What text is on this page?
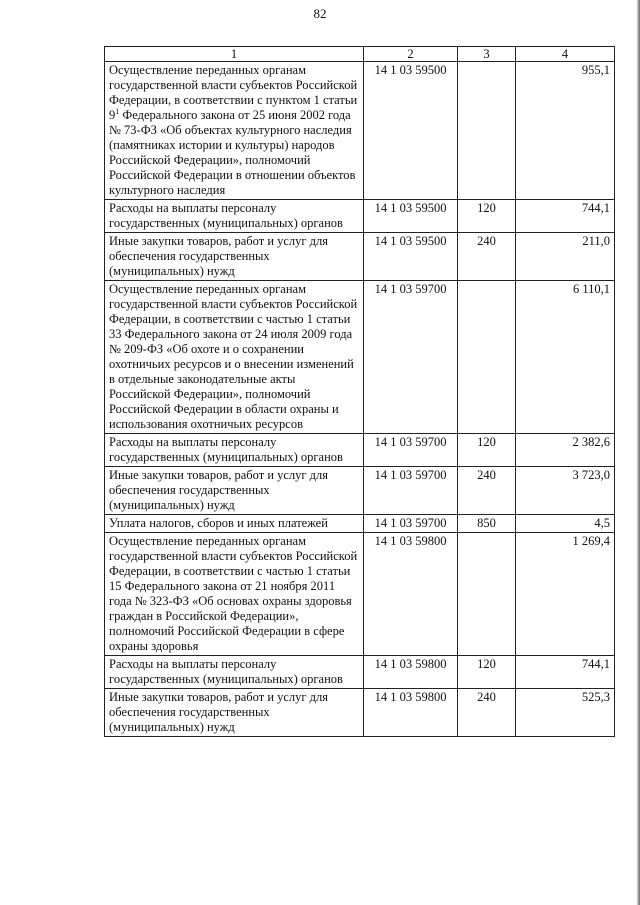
82
1	2	3	4
Осуществление переданных органам государственной власти субъектов Российской Федерации, в соответствии с пунктом 1 статьи $9^1$ Федерального закона от 25 июня 2002 года № 73-ФЗ «Об объектах культурного наследия (памятниках истории и культуры) народов Российской Федерации», полномочий Российской Федерации в отношении объектов культурного наследия	14 1 03 59500		955,1
Расходы на выплаты персоналу государственных (муниципальных) органов	14 1 03 59500	120	744,1
Иные закупки товаров, работ и услуг для обеспечения государственных (муниципальных) нужд	14 1 03 59500	240	211,0
Осуществление переданных органам государственной власти субъектов Российской Федерации, в соответствии с частью 1 статьи 33 Федерального закона от 24 июля 2009 года № 209-ФЗ «Об охоте и о сохранении охотничьих ресурсов и о внесении изменений в отдельные законодательные акты Российской Федерации», полномочий Российской Федерации в области охраны и использования охотничьих ресурсов	14 1 03 59700		6 110,1
Расходы на выплаты персоналу государственных (муниципальных) органов	14 1 03 59700	120	2 382,6
Иные закупки товаров, работ и услуг для обеспечения государственных (муниципальных) нужд	14 1 03 59700	240	3 723,0
Уплата налогов, сборов и иных платежей	14 1 03 59700	850	4,5
Осуществление переданных органам государственной власти субъектов Российской Федерации, в соответствии с частью 1 статьи 15 Федерального закона от 21 ноября 2011 года № 323-ФЗ «Об основах охраны здоровья граждан в Российской Федерации», полномочий Российской Федерации в сфере охраны здоровья	14 1 03 59800		1 269,4
Расходы на выплаты персоналу государственных (муниципальных) органов	14 1 03 59800	120	744,1
Иные закупки товаров, работ и услуг для обеспечения государственных (муниципальных) нужд	14 1 03 59800	240	525,3
